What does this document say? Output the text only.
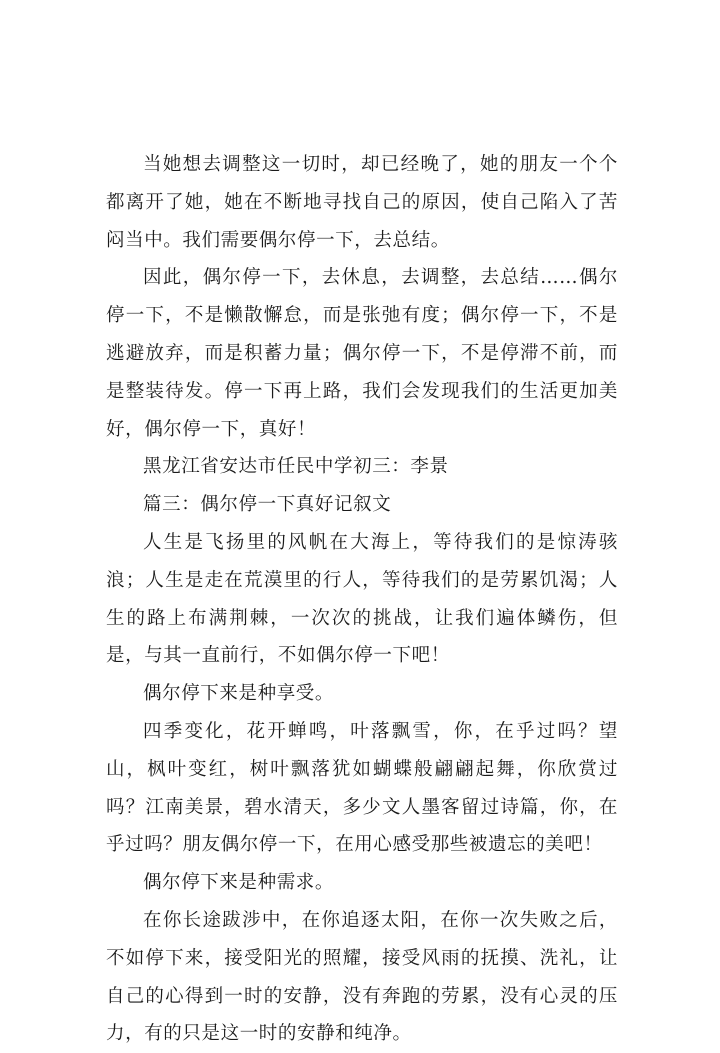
当她想去调整这一切时，却已经晚了，她的朋友一个个都离开了她，她在不断地寻找自己的原因，使自己陷入了苦闷当中。我们需要偶尔停一下，去总结。

因此，偶尔停一下，去休息，去调整，去总结……偶尔停一下，不是懒散懈怠，而是张弛有度；偶尔停一下，不是逃避放弃，而是积蓄力量；偶尔停一下，不是停滞不前，而是整装待发。停一下再上路，我们会发现我们的生活更加美好，偶尔停一下，真好！

黑龙江省安达市任民中学初三：李景

篇三：偶尔停一下真好记叙文

人生是飞扬里的风帆在大海上，等待我们的是惊涛骇浪；人生是走在荒漠里的行人，等待我们的是劳累饥渴；人生的路上布满荆棘，一次次的挑战，让我们遍体鳞伤，但是，与其一直前行，不如偶尔停一下吧！

偶尔停下来是种享受。

四季变化，花开蝉鸣，叶落飘雪，你，在乎过吗？望山，枫叶变红，树叶飘落犹如蝴蝶般翩翩起舞，你欣赏过吗？江南美景，碧水清天，多少文人墨客留过诗篇，你，在乎过吗？朋友偶尔停一下，在用心感受那些被遗忘的美吧！

偶尔停下来是种需求。

在你长途跋涉中，在你追逐太阳，在你一次失败之后，不如停下来，接受阳光的照耀，接受风雨的抚摸、洗礼，让自己的心得到一时的安静，没有奔跑的劳累，没有心灵的压力，有的只是这一时的安静和纯净。
